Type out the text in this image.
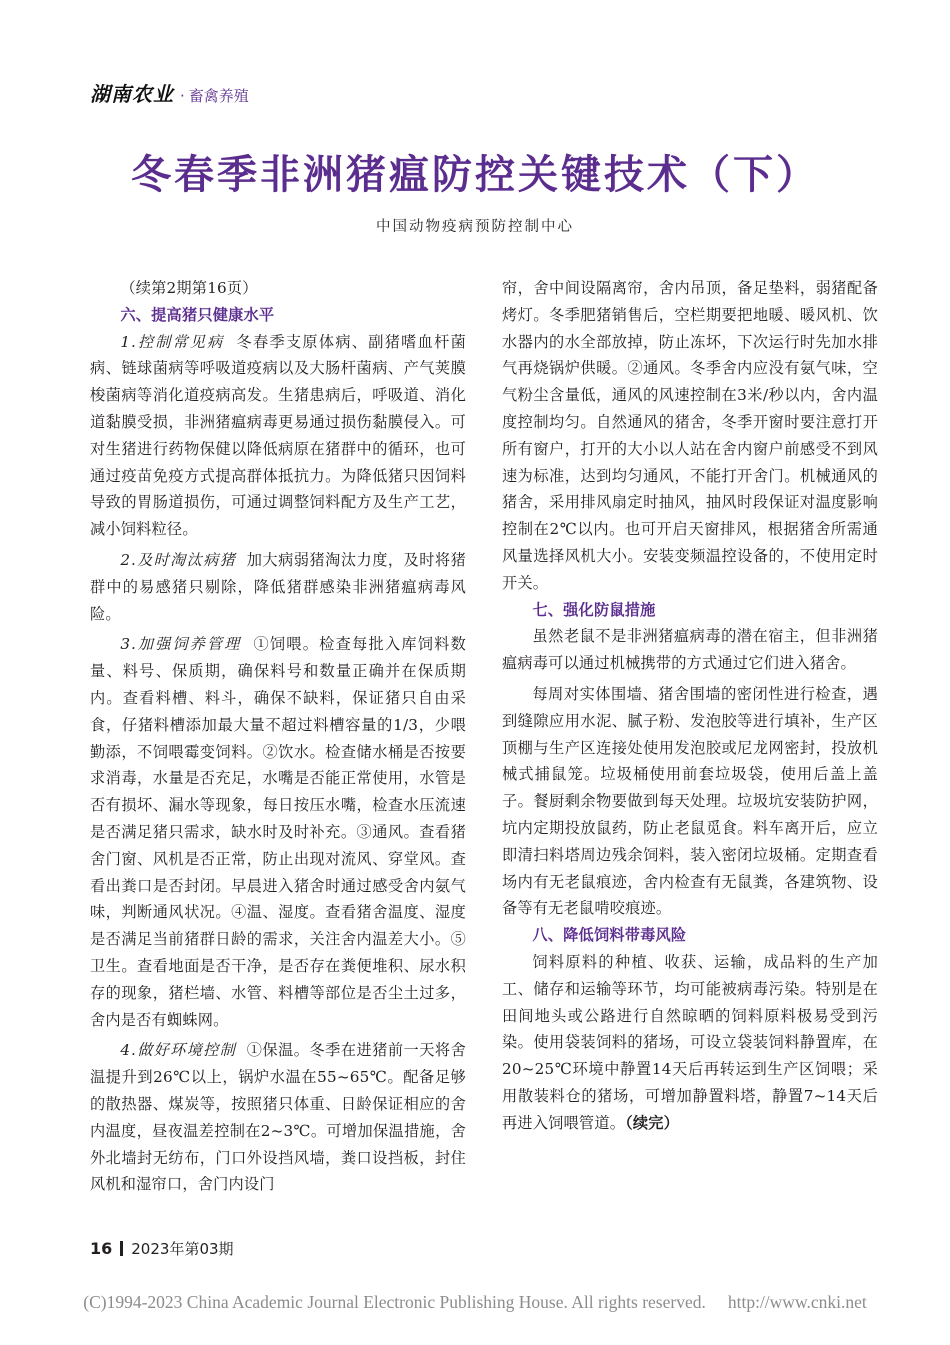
湖南农业 · 畜禽养殖
冬春季非洲猪瘟防控关键技术（下）
中国动物疫病预防控制中心

（续第2期第16页）

六、提高猪只健康水平

1.控制常见病 冬春季支原体病、副猪嗜血杆菌病、链球菌病等呼吸道疫病以及大肠杆菌病、产气荚膜梭菌病等消化道疫病高发。生猪患病后，呼吸道、消化道黏膜受损，非洲猪瘟病毒更易通过损伤黏膜侵入。可对生猪进行药物保健以降低病原在猪群中的循环，也可通过疫苗免疫方式提高群体抵抗力。为降低猪只因饲料导致的胃肠道损伤，可通过调整饲料配方及生产工艺，减小饲料粒径。

2.及时淘汰病猪 加大病弱猪淘汰力度，及时将猪群中的易感猪只剔除，降低猪群感染非洲猪瘟病毒风险。

3.加强饲养管理 ①饲喂。检查每批入库饲料数量、料号、保质期，确保料号和数量正确并在保质期内。查看料槽、料斗，确保不缺料，保证猪只自由采食，仔猪料槽添加最大量不超过料槽容量的1/3，少喂勤添，不饲喂霉变饲料。②饮水。检查储水桶是否按要求消毒，水量是否充足，水嘴是否能正常使用，水管是否有损坏、漏水等现象，每日按压水嘴，检查水压流速是否满足猪只需求，缺水时及时补充。③通风。查看猪舍门窗、风机是否正常，防止出现对流风、穿堂风。查看出粪口是否封闭。早晨进入猪舍时通过感受舍内氨气味，判断通风状况。④温、湿度。查看猪舍温度、湿度是否满足当前猪群日龄的需求，关注舍内温差大小。⑤卫生。查看地面是否干净，是否存在粪便堆积、尿水积存的现象，猪栏墙、水管、料槽等部位是否尘土过多，舍内是否有蜘蛛网。

4.做好环境控制 ①保温。冬季在进猪前一天将舍温提升到26℃以上，锅炉水温在55~65℃。配备足够的散热器、煤炭等，按照猪只体重、日龄保证相应的舍内温度，昼夜温差控制在2~3℃。可增加保温措施，舍外北墙封无纺布，门口外设挡风墙，粪口设挡板，封住风机和湿帘口，舍门内设门

帘，舍中间设隔离帘，舍内吊顶，备足垫料，弱猪配备烤灯。冬季肥猪销售后，空栏期要把地暖、暖风机、饮水器内的水全部放掉，防止冻坏，下次运行时先加水排气再烧锅炉供暖。②通风。冬季舍内应没有氨气味，空气粉尘含量低，通风的风速控制在3米/秒以内，舍内温度控制均匀。自然通风的猪舍，冬季开窗时要注意打开所有窗户，打开的大小以人站在舍内窗户前感受不到风速为标准，达到均匀通风，不能打开舍门。机械通风的猪舍，采用排风扇定时抽风，抽风时段保证对温度影响控制在2℃以内。也可开启天窗排风，根据猪舍所需通风量选择风机大小。安装变频温控设备的，不使用定时开关。

七、强化防鼠措施

虽然老鼠不是非洲猪瘟病毒的潜在宿主，但非洲猪瘟病毒可以通过机械携带的方式通过它们进入猪舍。

每周对实体围墙、猪舍围墙的密闭性进行检查，遇到缝隙应用水泥、腻子粉、发泡胶等进行填补，生产区顶棚与生产区连接处使用发泡胶或尼龙网密封，投放机械式捕鼠笼。垃圾桶使用前套垃圾袋，使用后盖上盖子。餐厨剩余物要做到每天处理。垃圾坑安装防护网，坑内定期投放鼠药，防止老鼠觅食。料车离开后，应立即清扫料塔周边残余饲料，装入密闭垃圾桶。定期查看场内有无老鼠痕迹，舍内检查有无鼠粪，各建筑物、设备等有无老鼠啃咬痕迹。

八、降低饲料带毒风险

饲料原料的种植、收获、运输，成品料的生产加工、储存和运输等环节，均可能被病毒污染。特别是在田间地头或公路进行自然晾晒的饲料原料极易受到污染。使用袋装饲料的猪场，可设立袋装饲料静置库，在20~25℃环境中静置14天后再转运到生产区饲喂；采用散装料仓的猪场，可增加静置料塔，静置7~14天后再进入饲喂管道。（续完）

16 2023年第03期
(C)1994-2023 China Academic Journal Electronic Publishing House. All rights reserved. http://www.cnki.net
